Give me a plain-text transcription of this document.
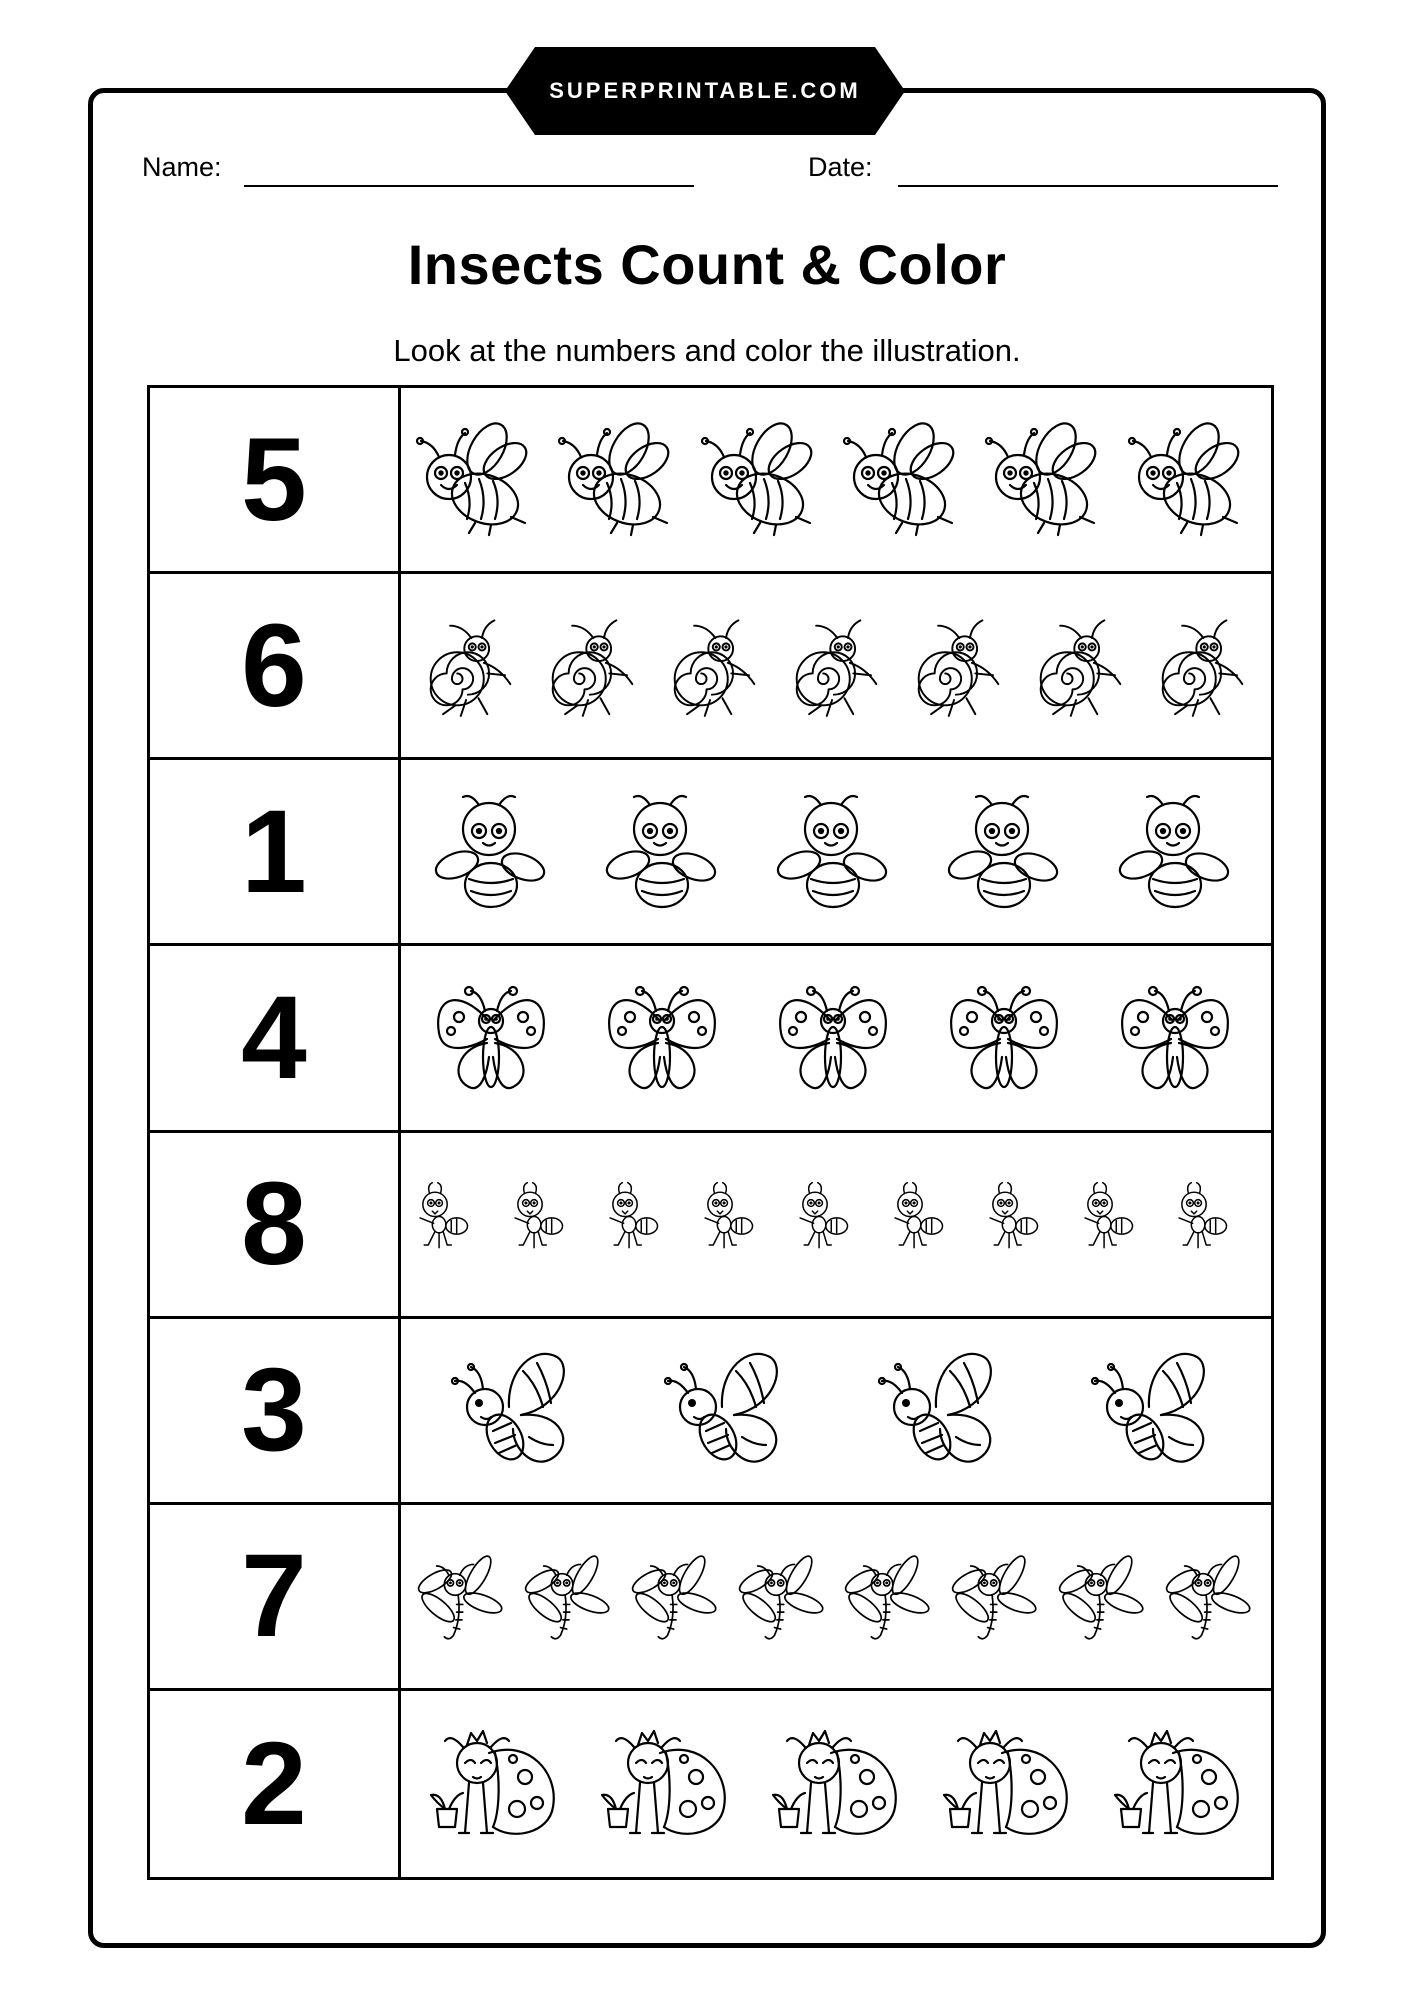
SUPERPRINTABLE.COM
Name:	Date:
Insects Count & Color
Look at the numbers and color the illustration.
5
6
1
4
8
3
7
2
